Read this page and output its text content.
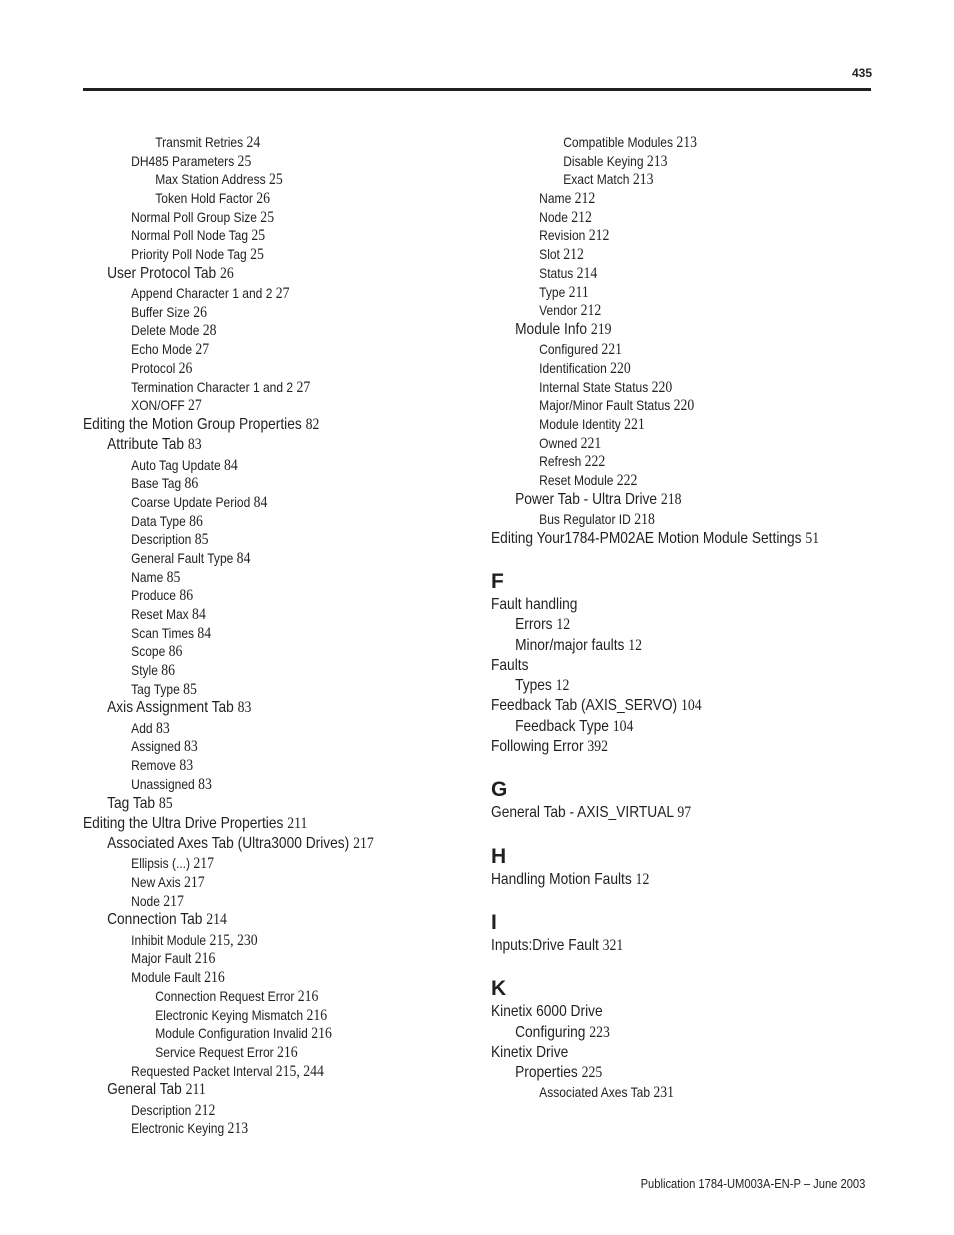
435
Transmit Retries 24
DH485 Parameters 25
Max Station Address 25
Token Hold Factor 26
Normal Poll Group Size 25
Normal Poll Node Tag 25
Priority Poll Node Tag 25
User Protocol Tab 26
Append Character 1 and 2 27
Buffer Size 26
Delete Mode 28
Echo Mode 27
Protocol 26
Termination Character 1 and 2 27
XON/OFF 27
Editing the Motion Group Properties 82
Attribute Tab 83
Auto Tag Update 84
Base Tag 86
Coarse Update Period 84
Data Type 86
Description 85
General Fault Type 84
Name 85
Produce 86
Reset Max 84
Scan Times 84
Scope 86
Style 86
Tag Type 85
Axis Assignment Tab 83
Add 83
Assigned 83
Remove 83
Unassigned 83
Tag Tab 85
Editing the Ultra Drive Properties 211
Associated Axes Tab (Ultra3000 Drives) 217
Ellipsis (...) 217
New Axis 217
Node 217
Connection Tab 214
Inhibit Module 215, 230
Major Fault 216
Module Fault 216
Connection Request Error 216
Electronic Keying Mismatch 216
Module Configuration Invalid 216
Service Request Error 216
Requested Packet Interval 215, 244
General Tab 211
Description 212
Electronic Keying 213
Compatible Modules 213
Disable Keying 213
Exact Match 213
Name 212
Node 212
Revision 212
Slot 212
Status 214
Type 211
Vendor 212
Module Info 219
Configured 221
Identification 220
Internal State Status 220
Major/Minor Fault Status 220
Module Identity 221
Owned 221
Refresh 222
Reset Module 222
Power Tab - Ultra Drive 218
Bus Regulator ID 218
Editing Your1784-PM02AE Motion Module Settings 51
F
Fault handling
Errors 12
Minor/major faults 12
Faults
Types 12
Feedback Tab (AXIS_SERVO) 104
Feedback Type 104
Following Error 392
G
General Tab - AXIS_VIRTUAL 97
H
Handling Motion Faults 12
I
Inputs:Drive Fault 321
K
Kinetix 6000 Drive
Configuring 223
Kinetix Drive
Properties 225
Associated Axes Tab 231
Publication 1784-UM003A-EN-P – June 2003
